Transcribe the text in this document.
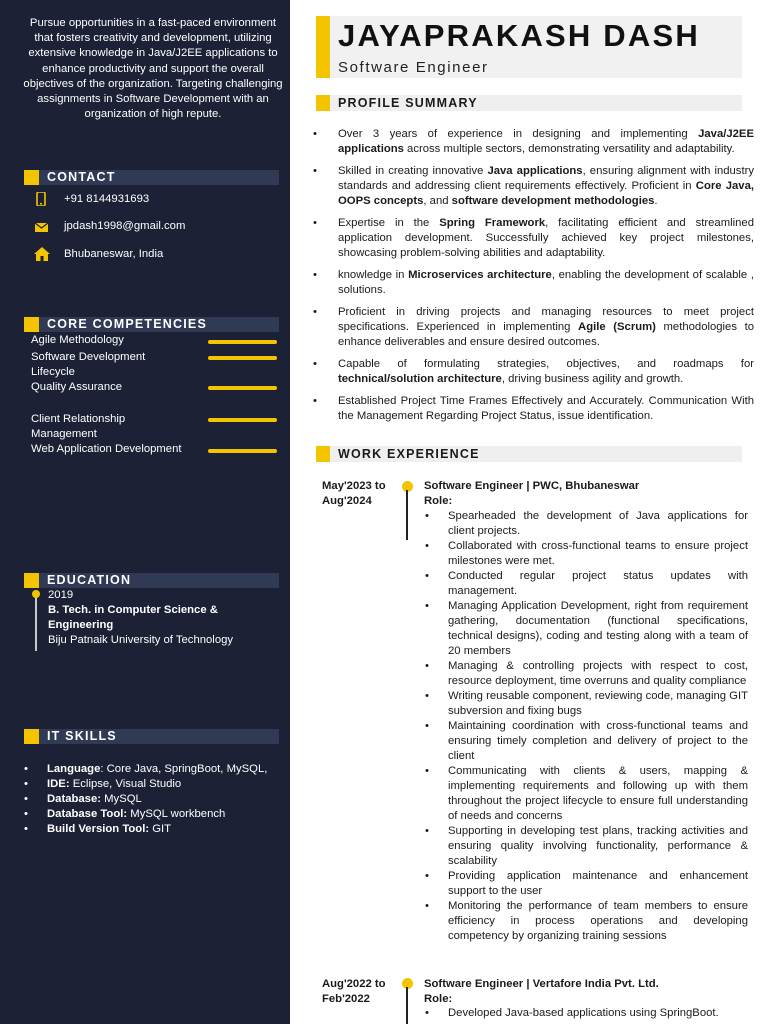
Pursue opportunities in a fast-paced environment that fosters creativity and development, utilizing extensive knowledge in Java/J2EE applications to enhance productivity and support the overall objectives of the organization. Targeting challenging assignments in Software Development with an organization of high repute.

CONTACT
+91 8144931693
jpdash1998@gmail.com
Bhubaneswar, India
CORE COMPETENCIES
Agile Methodology
Software Development Lifecycle
Quality Assurance
Client Relationship Management
Web Application Development
EDUCATION
2019
B. Tech. in Computer Science & Engineering
Biju Patnaik University of Technology
IT SKILLS
• Language: Core Java, SpringBoot, MySQL,
• IDE: Eclipse, Visual Studio
• Database: MySQL
• Database Tool: MySQL workbench
• Build Version Tool: GIT
JAYAPRAKASH DASH
Software Engineer
PROFILE SUMMARY
• Over 3 years of experience in designing and implementing Java/J2EE applications across multiple sectors, demonstrating versatility and adaptability.
• Skilled in creating innovative Java applications, ensuring alignment with industry standards and addressing client requirements effectively. Proficient in Core Java, OOPS concepts, and software development methodologies.
• Expertise in the Spring Framework, facilitating efficient and streamlined application development. Successfully achieved key project milestones, showcasing problem-solving abilities and adaptability.
• knowledge in Microservices architecture, enabling the development of scalable , solutions.
• Proficient in driving projects and managing resources to meet project specifications. Experienced in implementing Agile (Scrum) methodologies to enhance deliverables and ensure desired outcomes.
• Capable of formulating strategies, objectives, and roadmaps for technical/solution architecture, driving business agility and growth.
• Established Project Time Frames Effectively and Accurately. Communication With the Management Regarding Project Status, issue identification.
WORK EXPERIENCE
May'2023 to
Aug'2024
Software Engineer | PWC, Bhubaneswar
Role:
• Spearheaded the development of Java applications for client projects.
• Collaborated with cross-functional teams to ensure project milestones were met.
• Conducted regular project status updates with management.
• Managing Application Development, right from requirement gathering, documentation (functional specifications, technical designs), coding and testing along with a team of 20 members
• Managing & controlling projects with respect to cost, resource deployment, time overruns and quality compliance
• Writing reusable component, reviewing code, managing GIT subversion and fixing bugs
• Maintaining coordination with cross-functional teams and ensuring timely completion and delivery of project to the client
• Communicating with clients & users, mapping & implementing requirements and following up with them throughout the project lifecycle to ensure full understanding of needs and concerns
• Supporting in developing test plans, tracking activities and ensuring quality involving functionality, performance & scalability
• Providing application maintenance and enhancement support to the user
• Monitoring the performance of team members to ensure efficiency in process operations and developing competency by organizing training sessions
Aug'2022 to
Feb'2022
Software Engineer | Vertafore India Pvt. Ltd.
Role:
• Developed Java-based applications using SpringBoot.
